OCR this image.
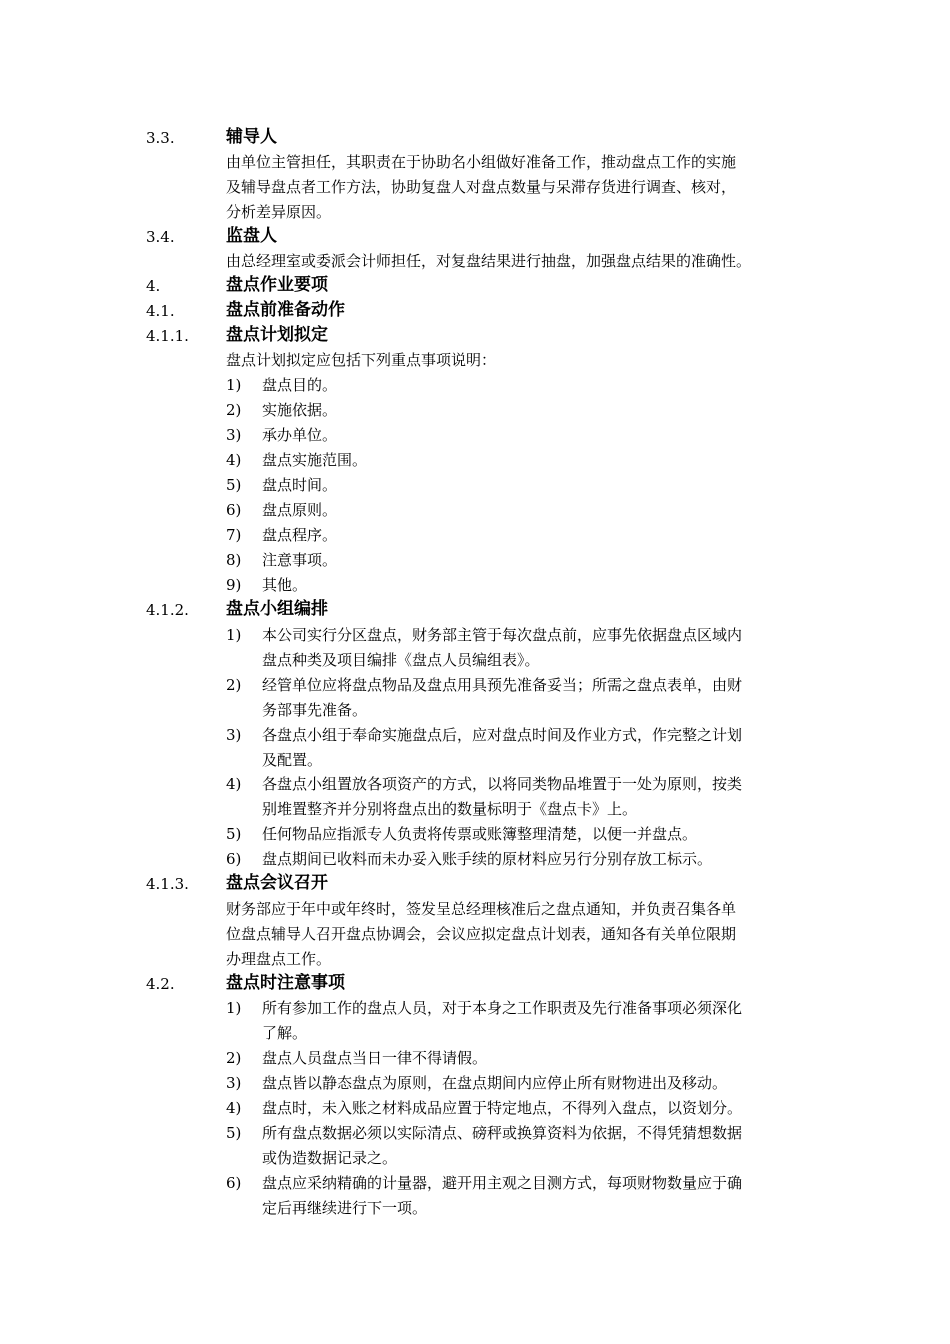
3.3.	辅导人
由单位主管担任，其职责在于协助名小组做好准备工作，推动盘点工作的实施
及辅导盘点者工作方法，协助复盘人对盘点数量与呆滞存货进行调查、核对，
分析差异原因。
3.4.	监盘人
由总经理室或委派会计师担任，对复盘结果进行抽盘，加强盘点结果的准确性。
4.	盘点作业要项
4.1.	盘点前准备动作
4.1.1. 盘点计划拟定
盘点计划拟定应包括下列重点事项说明：
1) 盘点目的。
2) 实施依据。
3) 承办单位。
4) 盘点实施范围。
5) 盘点时间。
6) 盘点原则。
7) 盘点程序。
8) 注意事项。
9) 其他。
4.1.2. 盘点小组编排
1) 本公司实行分区盘点，财务部主管于每次盘点前，应事先依据盘点区域内
盘点种类及项目编排《盘点人员编组表》。
2) 经管单位应将盘点物品及盘点用具预先准备妥当；所需之盘点表单，由财
务部事先准备。
3) 各盘点小组于奉命实施盘点后，应对盘点时间及作业方式，作完整之计划
及配置。
4) 各盘点小组置放各项资产的方式，以将同类物品堆置于一处为原则，按类
别堆置整齐并分别将盘点出的数量标明于《盘点卡》上。
5) 任何物品应指派专人负责将传票或账簿整理清楚，以便一并盘点。
6) 盘点期间已收料而未办妥入账手续的原材料应另行分别存放工标示。
4.1.3. 盘点会议召开
财务部应于年中或年终时，签发呈总经理核准后之盘点通知，并负责召集各单
位盘点辅导人召开盘点协调会，会议应拟定盘点计划表，通知各有关单位限期
办理盘点工作。
4.2.	盘点时注意事项
1) 所有参加工作的盘点人员，对于本身之工作职责及先行准备事项必须深化
了解。
2) 盘点人员盘点当日一律不得请假。
3) 盘点皆以静态盘点为原则，在盘点期间内应停止所有财物进出及移动。
4) 盘点时，未入账之材料成品应置于特定地点，不得列入盘点，以资划分。
5) 所有盘点数据必须以实际清点、磅秤或换算资料为依据，不得凭猜想数据
或伪造数据记录之。
6) 盘点应采纳精确的计量器，避开用主观之目测方式，每项财物数量应于确
定后再继续进行下一项。
